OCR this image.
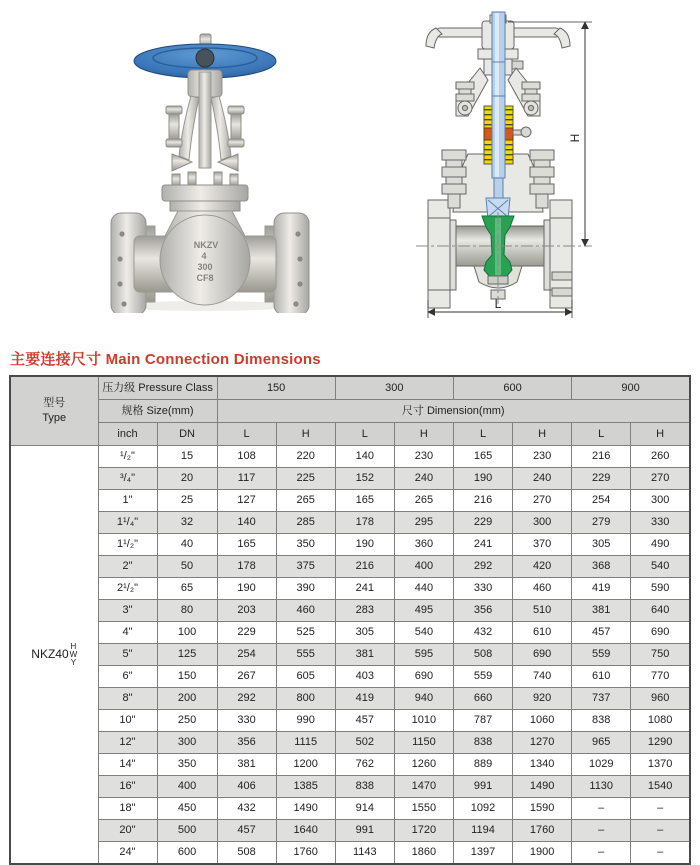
NKZV
4
300
CF8
H
L
主要连接尺寸 Main Connection Dimensions
型号
Type	压力级 Pressure Class		150		300		600		900	
	规格 Size(mm)		尺寸 Dimension(mm)							
	inch	DN	L	H	L	H	L	H	L	H
NKZ40
H
W
Y	¹/₂"	15	108	220	140	230	165	230	216	260
	³/₄"	20	117	225	152	240	190	240	229	270
	1"	25	127	265	165	265	216	270	254	300
	1¹/₄"	32	140	285	178	295	229	300	279	330
	1¹/₂"	40	165	350	190	360	241	370	305	490
	2"	50	178	375	216	400	292	420	368	540
	2¹/₂"	65	190	390	241	440	330	460	419	590
	3"	80	203	460	283	495	356	510	381	640
	4"	100	229	525	305	540	432	610	457	690
	5"	125	254	555	381	595	508	690	559	750
	6"	150	267	605	403	690	559	740	610	770
	8"	200	292	800	419	940	660	920	737	960
	10"	250	330	990	457	1010	787	1060	838	1080
	12"	300	356	1115	502	1150	838	1270	965	1290
	14"	350	381	1200	762	1260	889	1340	1029	1370
	16"	400	406	1385	838	1470	991	1490	1130	1540
	18"	450	432	1490	914	1550	1092	1590	–	–
	20"	500	457	1640	991	1720	1194	1760	–	–
	24"	600	508	1760	1143	1860	1397	1900	–	–
